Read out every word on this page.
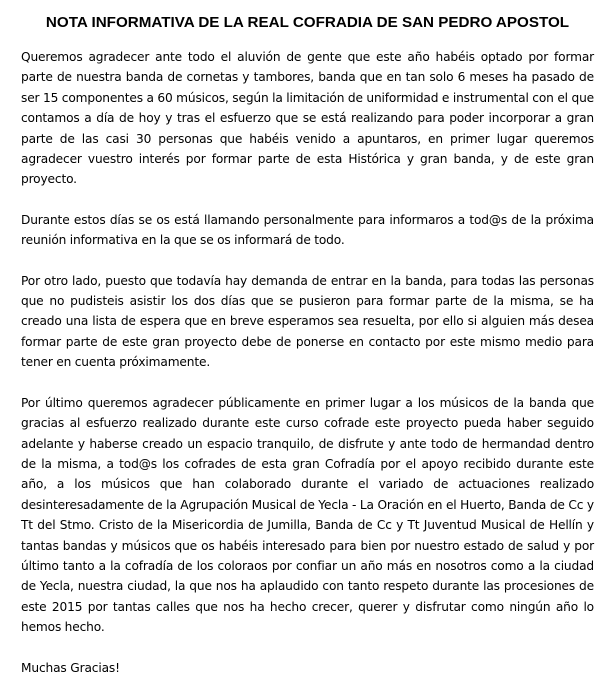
NOTA INFORMATIVA DE LA REAL COFRADIA DE SAN PEDRO APOSTOL

Queremos agradecer ante todo el aluvión de gente que este año habéis optado por formar parte de nuestra banda de cornetas y tambores, banda que en tan solo 6 meses ha pasado de ser 15 componentes a 60 músicos, según la limitación de uniformidad e instrumental con el que contamos a día de hoy y tras el esfuerzo que se está realizando para poder incorporar a gran parte de las casi 30 personas que habéis venido a apuntaros, en primer lugar queremos agradecer vuestro interés por formar parte de esta Histórica y gran banda, y de este gran proyecto.

Durante estos días se os está llamando personalmente para informaros a tod@s de la próxima reunión informativa en la que se os informará de todo.

Por otro lado, puesto que todavía hay demanda de entrar en la banda, para todas las personas que no pudisteis asistir los dos días que se pusieron para formar parte de la misma, se ha creado una lista de espera que en breve esperamos sea resuelta, por ello si alguien más desea formar parte de este gran proyecto debe de ponerse en contacto por este mismo medio para tener en cuenta próximamente.

Por último queremos agradecer públicamente en primer lugar a los músicos de la banda que gracias al esfuerzo realizado durante este curso cofrade este proyecto pueda haber seguido adelante y haberse creado un espacio tranquilo, de disfrute y ante todo de hermandad dentro de la misma, a tod@s los cofrades de esta gran Cofradía por el apoyo recibido durante este año, a los músicos que han colaborado durante el variado de actuaciones realizado desinteresadamente de la Agrupación Musical de Yecla - La Oración en el Huerto, Banda de Cc y Tt del Stmo. Cristo de la Misericordia de Jumilla, Banda de Cc y Tt Juventud Musical de Hellín y tantas bandas y músicos que os habéis interesado para bien por nuestro estado de salud y por último tanto a la cofradía de los coloraos por confiar un año más en nosotros como a la ciudad de Yecla, nuestra ciudad, la que nos ha aplaudido con tanto respeto durante las procesiones de este 2015 por tantas calles que nos ha hecho crecer, querer y disfrutar como ningún año lo hemos hecho.

Muchas Gracias!
